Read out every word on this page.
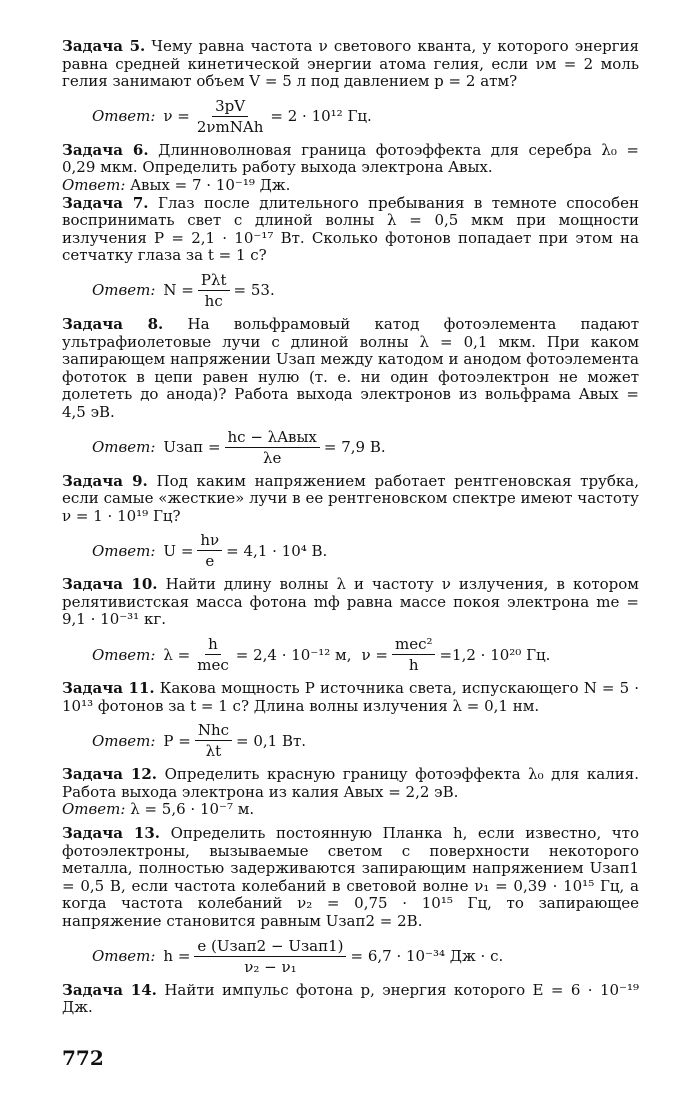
Задача 5. Чему равна частота ν светового кванта, у которого энергия равна средней кинетической энергии атома гелия, если νм = 2 моль гелия занимают объем V = 5 л под давлением p = 2 атм?

Ответ: $\nu = \frac{3pV}{\text{2νmNAh}} = 2 \cdot 10^{12}$ Гц.

Задача 6. Длинноволновая граница фотоэффекта для серебра λ₀ = 0,29 мкм. Определить работу выхода электрона Aвых.

Ответ: Aвых = 7 · 10⁻¹⁹ Дж.

Задача 7. Глаз после длительного пребывания в темноте способен воспринимать свет с длиной волны λ = 0,5 мкм при мощности излучения P = 2,1 · 10⁻¹⁷ Вт. Сколько фотонов попадает при этом на сетчатку глаза за t = 1 с?

Ответ: $N = \frac{\text{Pλt}}{hc} = 53$.

Задача 8. На вольфрамовый катод фотоэлемента падают ультрафиолетовые лучи с длиной волны λ = 0,1 мкм. При каком запирающем напряжении Uзап между катодом и анодом фотоэлемента фототок в цепи равен нулю (т. е. ни один фотоэлектрон не может долететь до анода)? Работа выхода электронов из вольфрама Aвых = 4,5 эВ.

Ответ: Uзап = $\frac{\text{hc − λAвых}}{\lambda e} = 7,9$ В.

Задача 9. Под каким напряжением работает рентгеновская трубка, если самые «жесткие» лучи в ее рентгеновском спектре имеют частоту ν = 1 · 10¹⁹ Гц?

Ответ: $U = \frac{h\nu}{e} = 4,1 \cdot 10^4$ В.

Задача 10. Найти длину волны λ и частоту ν излучения, в котором релятивистская масса фотона mф равна массе покоя электрона mе = 9,1 · 10⁻³¹ кг.

Ответ: $\lambda = \frac{h}{\text{mеc}} = 2,4 \cdot 10^{-12}$ м, $\nu = \frac{\text{mеc²}}{h} =1,2 \cdot 10^{20}$ Гц.

Задача 11. Какова мощность P источника света, испускающего N = 5 · 10¹³ фотонов за t = 1 с? Длина волны излучения λ = 0,1 нм.

Ответ: $P = \frac{\text{Nhc}}{\lambda t} = 0,1$ Вт.

Задача 12. Определить красную границу фотоэффекта λ₀ для калия. Работа выхода электрона из калия Aвых = 2,2 эВ.

Ответ: λ = 5,6 · 10⁻⁷ м.

Задача 13. Определить постоянную Планка h, если известно, что фотоэлектроны, вызываемые светом с поверхности некоторого металла, полностью задерживаются запирающим напряжением Uзап1 = 0,5 В, если частота колебаний в световой волне ν₁ = 0,39 · 10¹⁵ Гц, а когда частота колебаний ν₂ = 0,75 · 10¹⁵ Гц, то запирающее напряжение становится равным Uзап2 = 2В.

Ответ: $h = \frac{\text{e (Uзап2 − Uзап1)}}{\text{ν₂ − ν₁}} = 6,7 \cdot 10^{-34}$ Дж · с.

Задача 14. Найти импульс фотона p, энергия которого E = 6 · 10⁻¹⁹ Дж.

772
